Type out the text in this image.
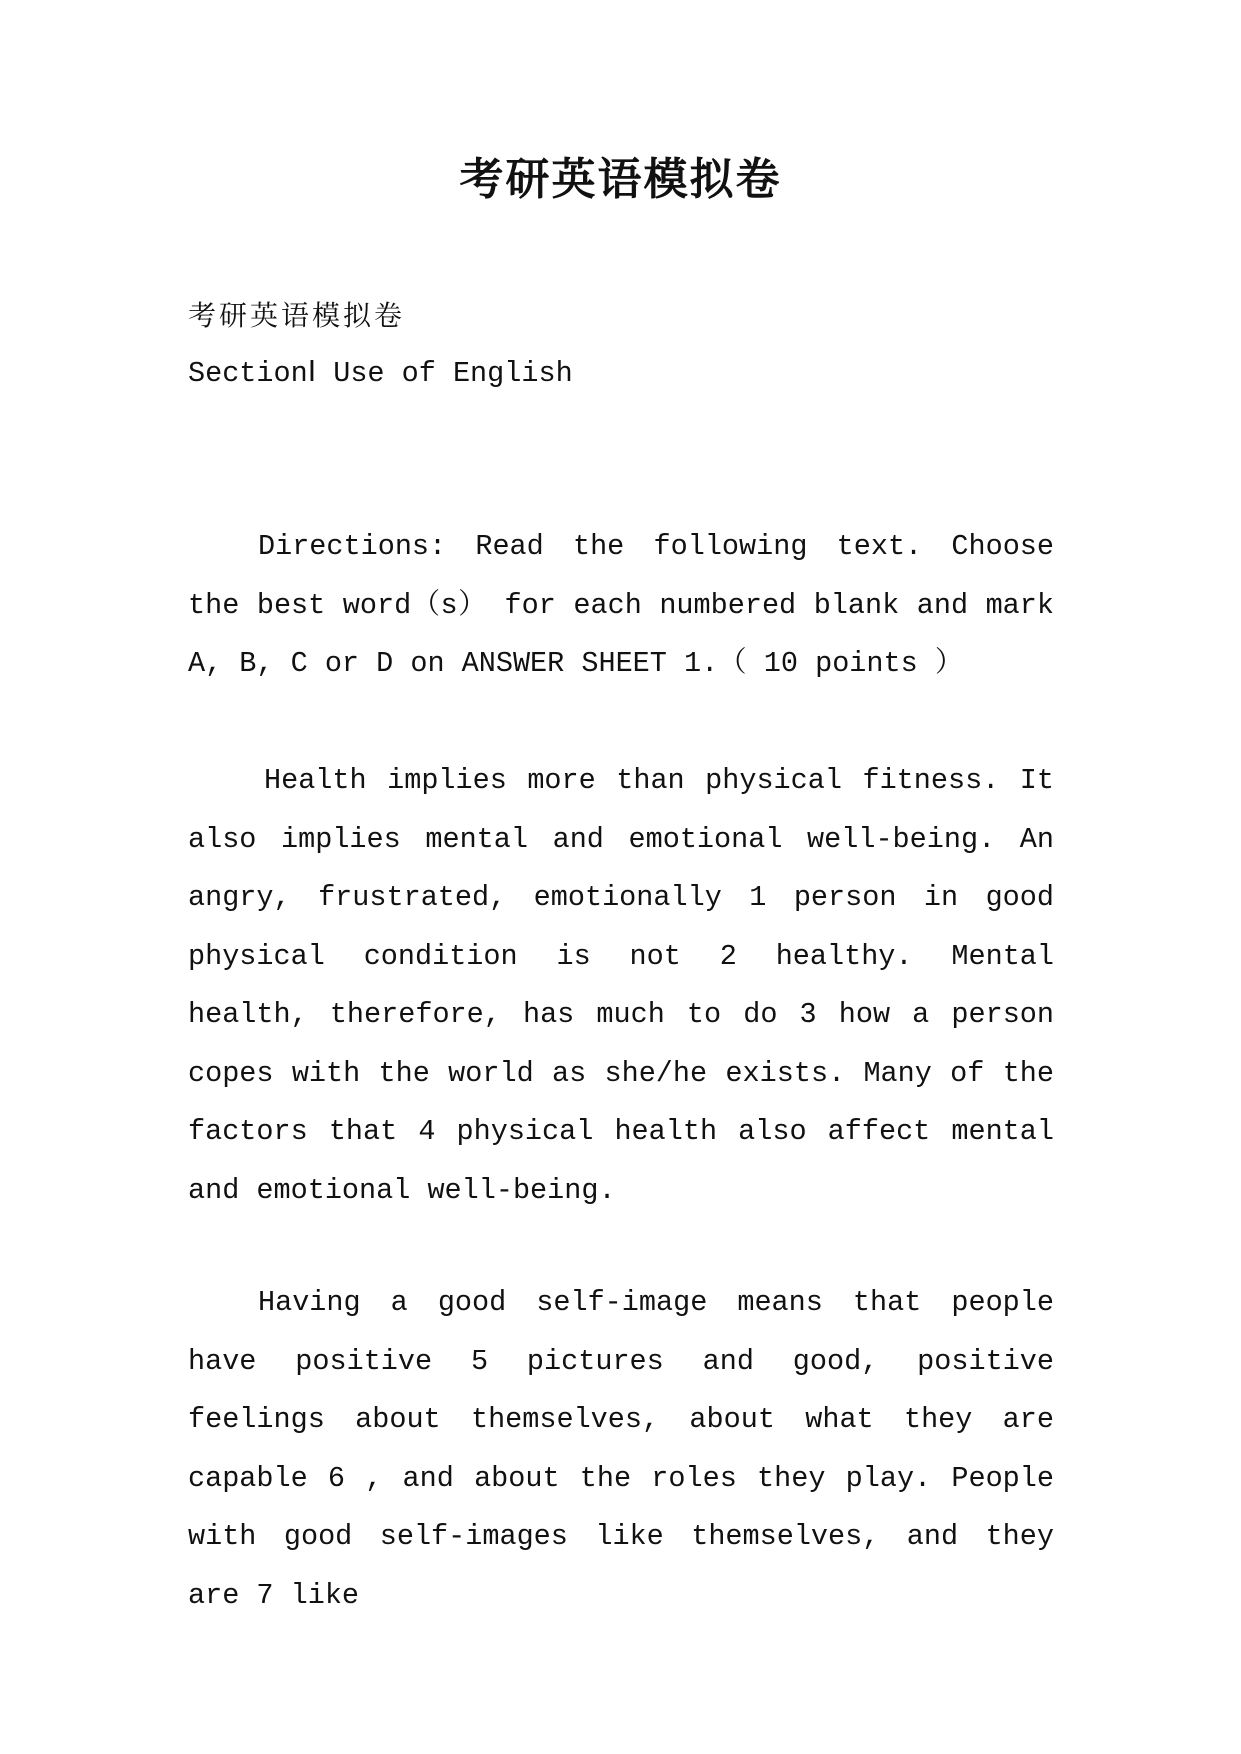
考研英语模拟卷

考研英语模拟卷

SectionⅠ Use of English

Directions: Read the following text. Choose the best word（s） for each numbered blank and mark A, B, C or D on ANSWER SHEET 1.（ 10 points ）

Health implies more than physical fitness. It also implies mental and emotional well-being. An angry, frustrated, emotionally 1 person in good physical condition is not 2 healthy. Mental health, therefore, has much to do 3 how a person copes with the world as she/he exists. Many of the factors that 4 physical health also affect mental and emotional well-being.

Having a good self-image means that people have positive 5 pictures and good, positive feelings about themselves, about what they are capable 6 , and about the roles they play. People with good self-images like themselves, and they are 7 like
